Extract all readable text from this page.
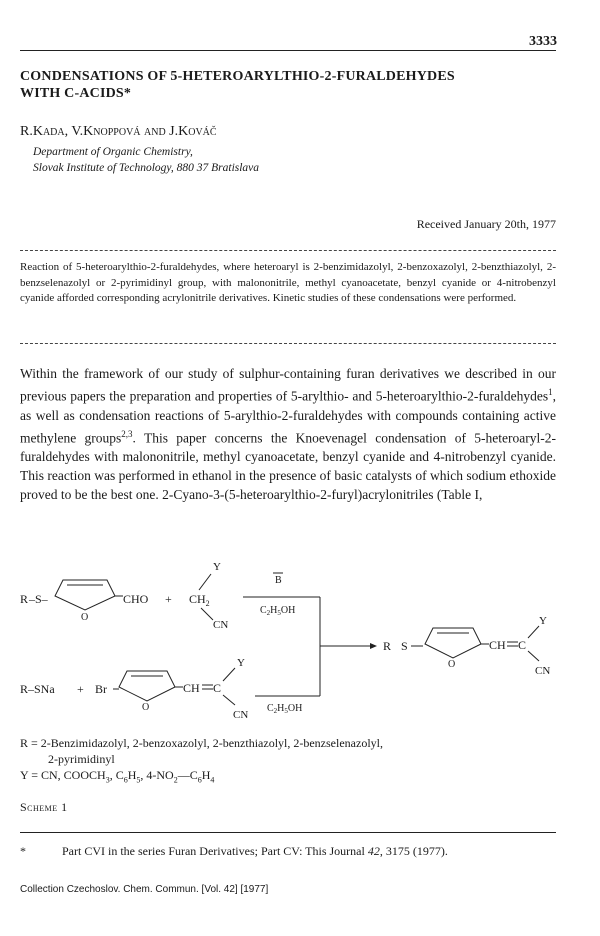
3333
CONDENSATIONS OF 5-HETEROARYLTHIO-2-FURALDEHYDES
WITH C-ACIDS*
R.Kada, V.Knoppová and J.Kováč
Department of Organic Chemistry,
Slovak Institute of Technology, 880 37 Bratislava
Received January 20th, 1977
Reaction of 5-heteroarylthio-2-furaldehydes, where heteroaryl is 2-benzimidazolyl, 2-benzoxazolyl, 2-benzthiazolyl, 2-benzselenazolyl or 2-pyrimidinyl group, with malononitrile, methyl cyanoacetate, benzyl cyanide or 4-nitrobenzyl cyanide afforded corresponding acrylonitrile derivatives. Kinetic studies of these condensations were performed.
Within the framework of our study of sulphur-containing furan derivatives we described in our previous papers the preparation and properties of 5-arylthio- and 5-heteroarylthio-2-furaldehydes$^1$, as well as condensation reactions of 5-arylthio-2-furaldehydes with compounds containing active methylene groups$^{2,3}$. This paper concerns the Knoevenagel condensation of 5-heteroaryl-2-furaldehydes with malononitrile, methyl cyanoacetate, benzyl cyanide and 4-nitrobenzyl cyanide. This reaction was performed in ethanol in the presence of basic catalysts of which sodium ethoxide proved to be the best one. 2-Cyano-3-(5-heteroarylthio-2-furyl)acrylonitriles (Table I,
R –S–
O
CHO +
Y
$CH_2$
CN
B
$C_2H_5OH$
R S
O
CH C
Y
CN
R–SNa + Br
O
CH C
Y
CN
$C_2H_5OH$
R = 2-Benzimidazolyl, 2-benzoxazolyl, 2-benzthiazolyl, 2-benzselenazolyl,
2-pyrimidinyl
Y = CN, $COOCH_3$, $C_6H_5$, $4-NO_2—C_6H_4$
Scheme 1
*	Part CVI in the series Furan Derivatives; Part CV: This Journal 42, 3175 (1977).
Collection Czechoslov. Chem. Commun. [Vol. 42] [1977]
